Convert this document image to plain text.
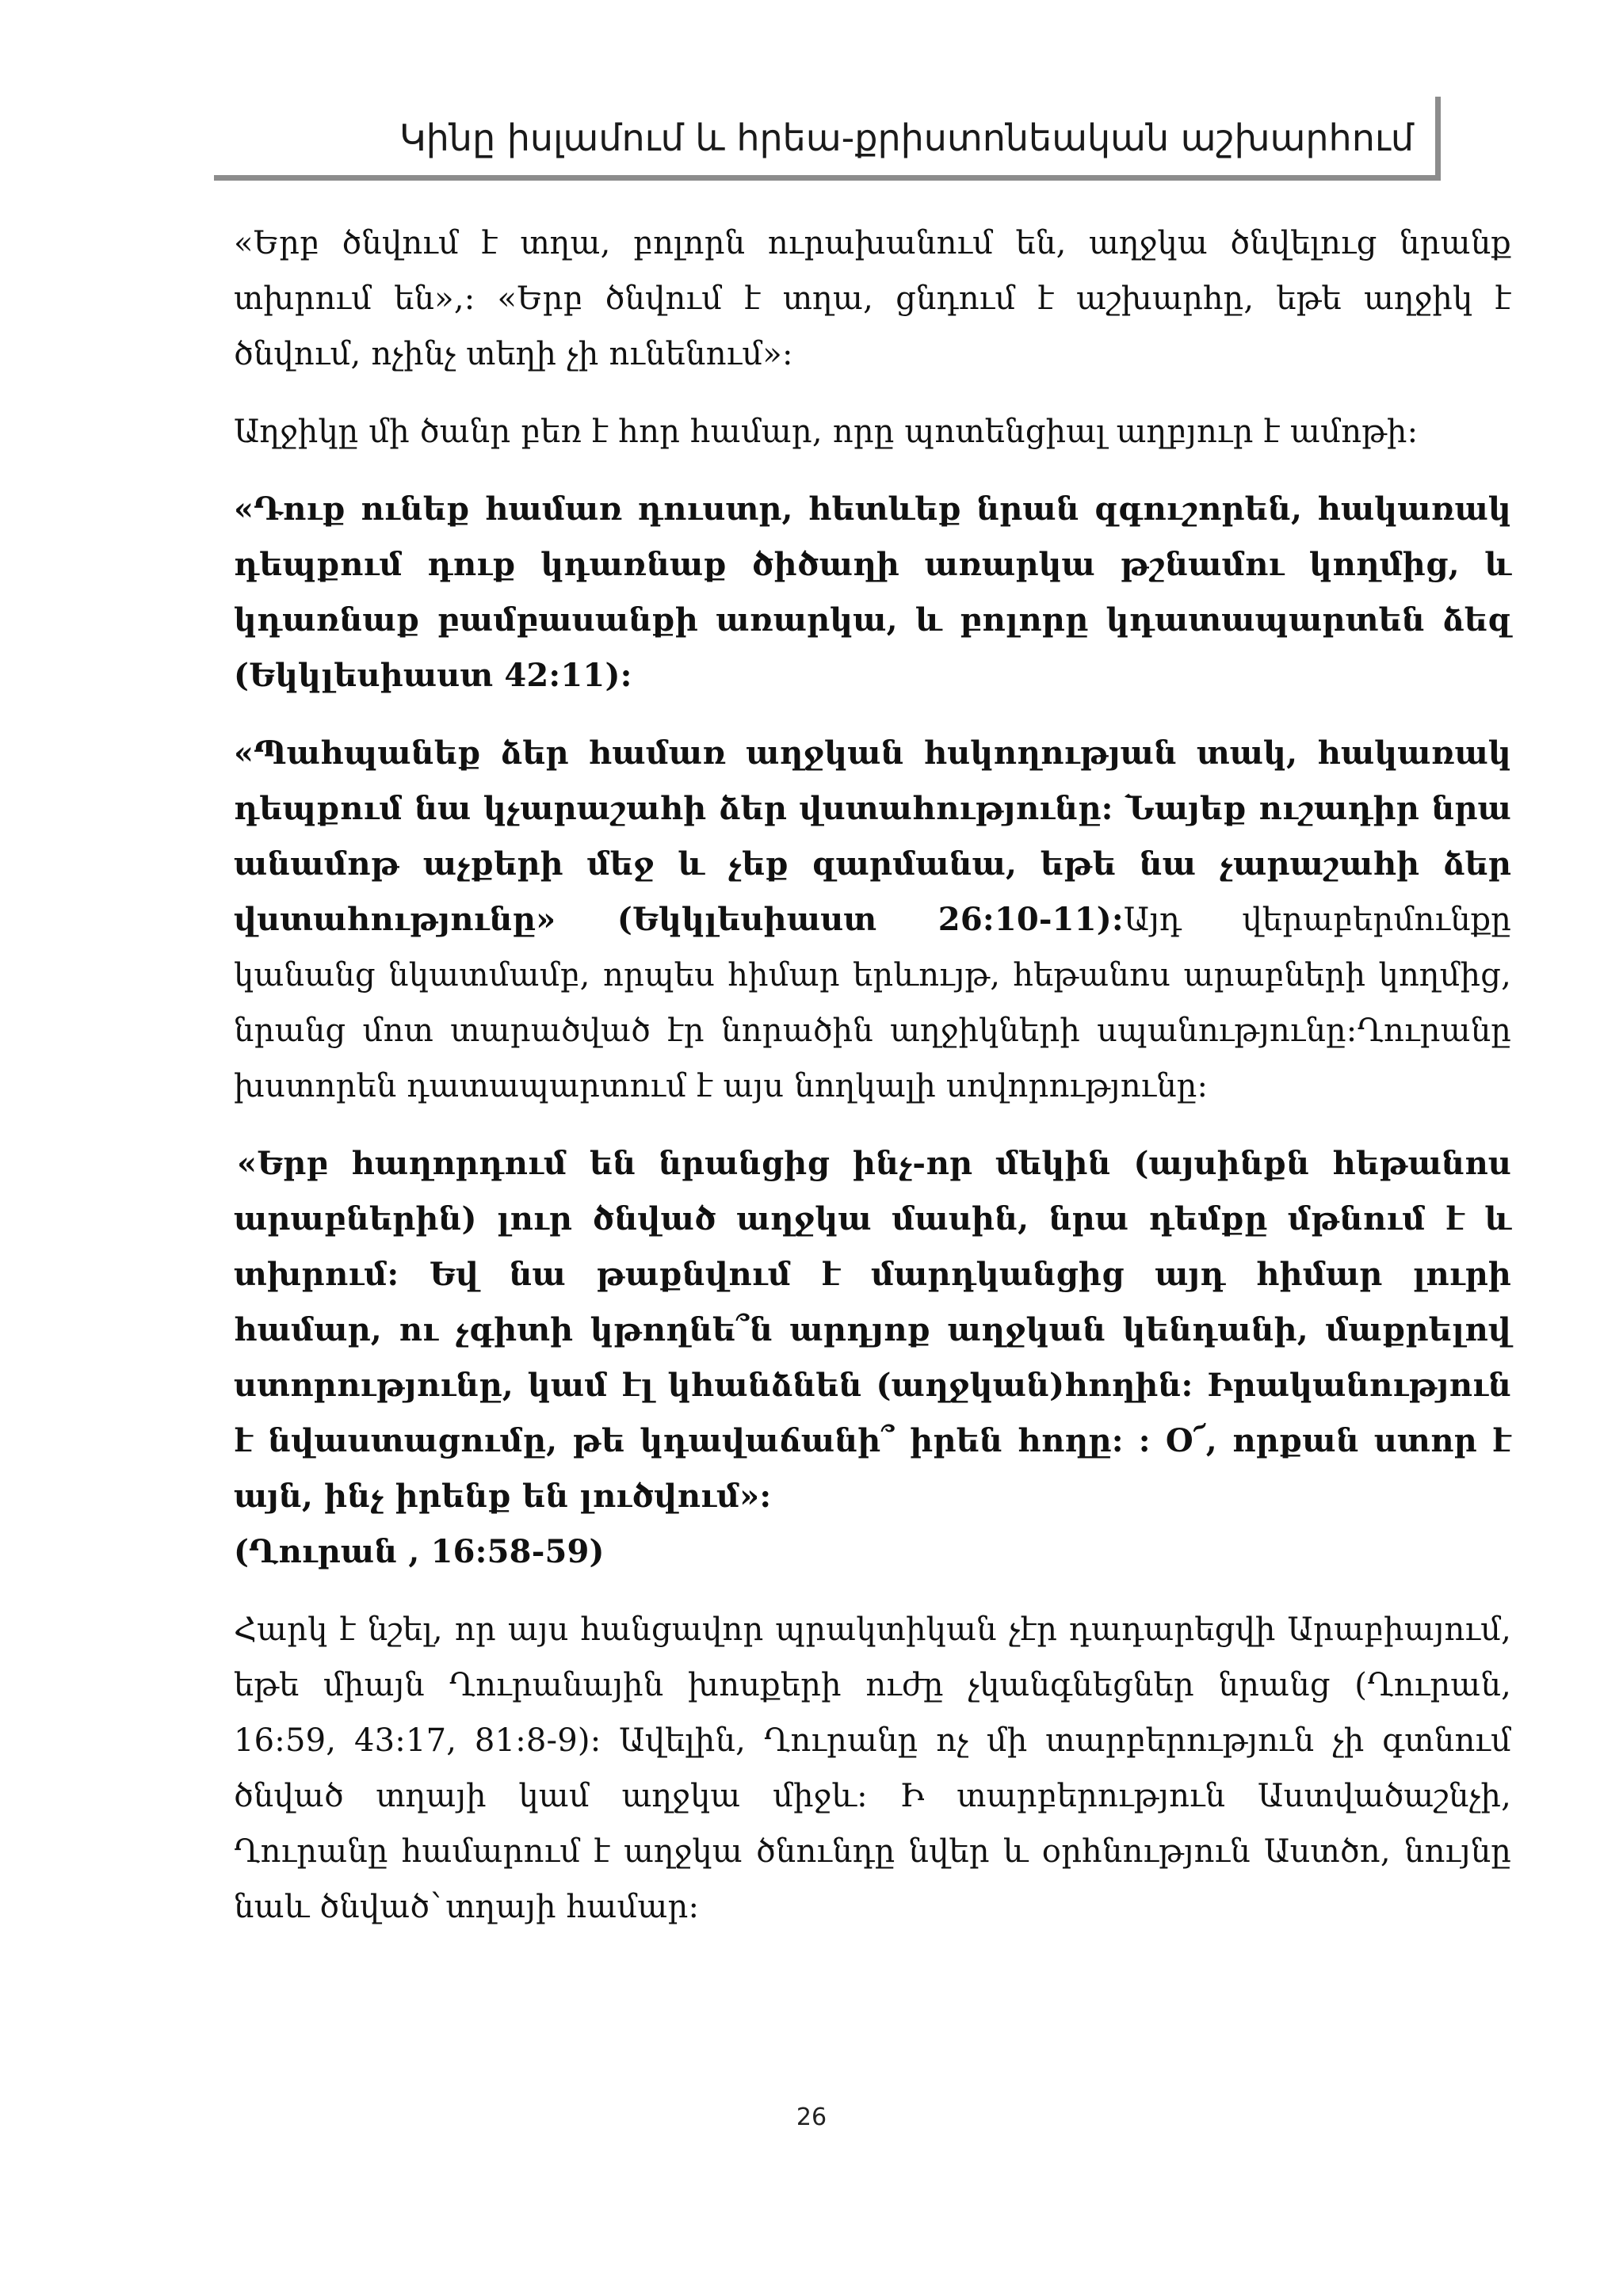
Կինը իսլամում և հրեա-քրիստոնեական աշխարհում

«Երբ ծնվում է տղա, բոլորն ուրախանում են, աղջկա ծնվելուց նրանք տխրում են»,: «Երբ ծնվում է տղա, ցնդում է աշխարհը, եթե աղջիկ է ծնվում, ոչինչ տեղի չի ունենում»:

Աղջիկը մի ծանր բեռ է հոր համար, որը պոտենցիալ աղբյուր է ամոթի:

«Դուք ունեք համառ դուստր, հետևեք նրան զգուշորեն, հակառակ դեպքում դուք կդառնաք ծիծաղի առարկա թշնամու կողմից, և կդառնաք բամբասանքի առարկա, և բոլորը կդատապարտեն ձեզ (Եկկլեսիաստ 42:11):

«Պահպանեք ձեր համառ աղջկան հսկողության տակ, հակառակ դեպքում նա կչարաշահի ձեր վստահությունը: Նայեք ուշադիր նրա անամոթ աչքերի մեջ և չեք զարմանա, եթե նա չարաշահի ձեր վստահությունը» (Եկկլեսիաստ 26:10-11):Այդ վերաբերմունքը կանանց նկատմամբ, որպես հիմար երևույթ, հեթանոս արաբների կողմից, նրանց մոտ տարածված էր նորածին աղջիկների սպանությունը:Ղուրանը խստորեն դատապարտում է այս նողկալի սովորությունը:

«Երբ հաղորդում են նրանցից ինչ-որ մեկին (այսինքն հեթանոս արաբներին) լուր ծնված աղջկա մասին, նրա դեմքը մթնում է և տխրում: Եվ նա թաքնվում է մարդկանցից այդ հիմար լուրի համար, ու չգիտի կթողնե՞ն արդյոք աղջկան կենդանի, մաքրելով ստորությունը, կամ էլ կհանձնեն (աղջկան)հողին: Իրականություն է նվաստացումը, թե կդավաճանի՞ իրեն հողը: : Օ՜, որքան ստոր է այն, ինչ իրենք են լուծվում»:
(Ղուրան , 16:58-59)

Հարկ է նշել, որ այս հանցավոր պրակտիկան չէր դադարեցվի Արաբիայում, եթե միայն Ղուրանային խոսքերի ուժը չկանգնեցներ նրանց (Ղուրան, 16:59, 43:17, 81:8-9): Ավելին, Ղուրանը ոչ մի տարբերություն չի գտնում ծնված տղայի կամ աղջկա միջև: Ի տարբերություն Աստվածաշնչի, Ղուրանը համարում է աղջկա ծնունդը նվեր և օրհնություն Աստծո, նույնը նաև ծնված`տղայի համար:

26
